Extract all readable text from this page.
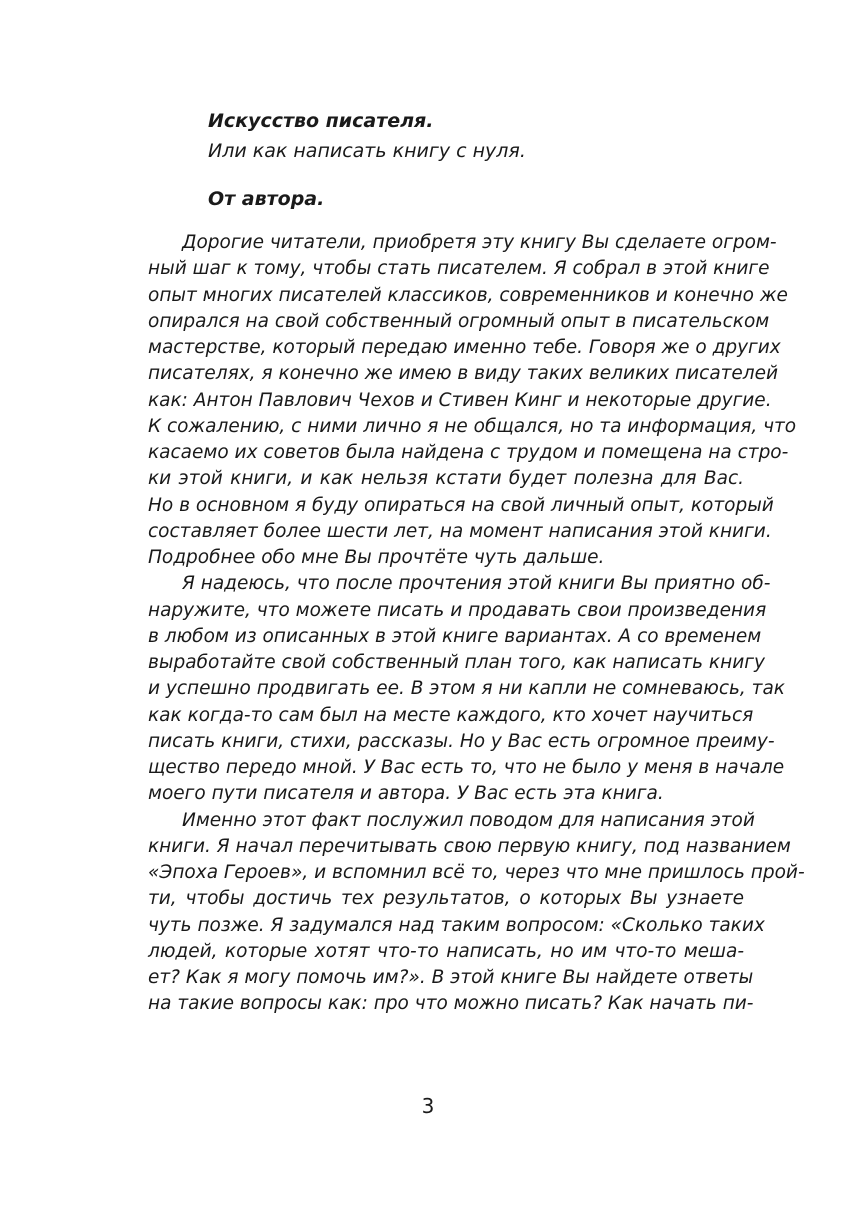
Искусство писателя.
Или как написать книгу с нуля.
От автора.
Дорогие читатели, приобретя эту книгу Вы сделаете огром-
ный шаг к тому, чтобы стать писателем. Я собрал в этой книге
опыт многих писателей классиков, современников и конечно же
опирался на свой собственный огромный опыт в писательском
мастерстве, который передаю именно тебе. Говоря же о других
писателях, я конечно же имею в виду таких великих писателей
как: Антон Павлович Чехов и Стивен Кинг и некоторые другие.
К сожалению, с ними лично я не общался, но та информация, что
касаемо их советов была найдена с трудом и помещена на стро-
ки этой книги, и как нельзя кстати будет полезна для Вас.
Но в основном я буду опираться на свой личный опыт, который
составляет более шести лет, на момент написания этой книги.
Подробнее обо мне Вы прочтёте чуть дальше.
Я надеюсь, что после прочтения этой книги Вы приятно об-
наружите, что можете писать и продавать свои произведения
в любом из описанных в этой книге вариантах. А со временем
выработайте свой собственный план того, как написать книгу
и успешно продвигать ее. В этом я ни капли не сомневаюсь, так
как когда-то сам был на месте каждого, кто хочет научиться
писать книги, стихи, рассказы. Но у Вас есть огромное преиму-
щество передо мной. У Вас есть то, что не было у меня в начале
моего пути писателя и автора. У Вас есть эта книга.
Именно этот факт послужил поводом для написания этой
книги. Я начал перечитывать свою первую книгу, под названием
«Эпоха Героев», и вспомнил всё то, через что мне пришлось прой-
ти, чтобы достичь тех результатов, о которых Вы узнаете
чуть позже. Я задумался над таким вопросом: «Сколько таких
людей, которые хотят что-то написать, но им что-то меша-
ет? Как я могу помочь им?». В этой книге Вы найдете ответы
на такие вопросы как: про что можно писать? Как начать пи-
3
